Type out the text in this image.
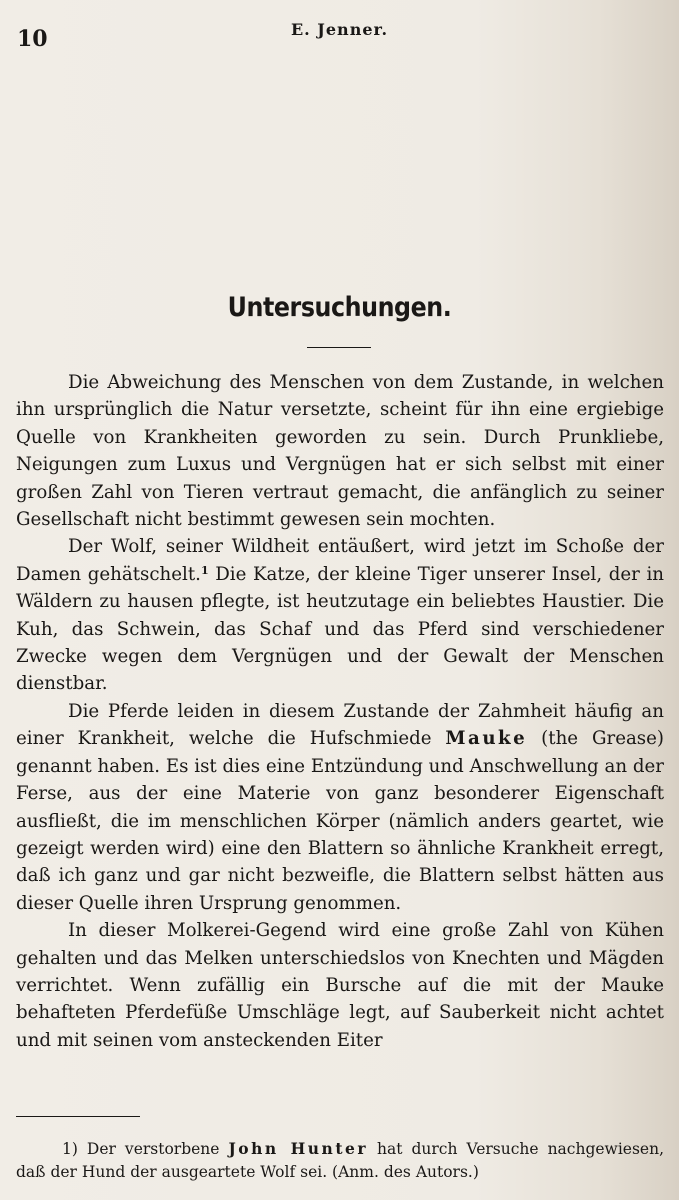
10	E. Jenner.
Untersuchungen.

Die Abweichung des Menschen von dem Zustande, in welchen ihn ursprünglich die Natur versetzte, scheint für ihn eine ergiebige Quelle von Krankheiten geworden zu sein. Durch Prunkliebe, Neigungen zum Luxus und Vergnügen hat er sich selbst mit einer großen Zahl von Tieren vertraut gemacht, die anfänglich zu seiner Gesellschaft nicht bestimmt gewesen sein mochten.

Der Wolf, seiner Wildheit entäußert, wird jetzt im Schoße der Damen gehätschelt.$^1$ Die Katze, der kleine Tiger unserer Insel, der in Wäldern zu hausen pflegte, ist heutzutage ein beliebtes Haustier. Die Kuh, das Schwein, das Schaf und das Pferd sind verschiedener Zwecke wegen dem Vergnügen und der Gewalt der Menschen dienstbar.

Die Pferde leiden in diesem Zustande der Zahmheit häufig an einer Krankheit, welche die Hufschmiede Mauke (the Grease) genannt haben. Es ist dies eine Entzündung und Anschwellung an der Ferse, aus der eine Materie von ganz besonderer Eigenschaft ausfließt, die im menschlichen Körper (nämlich anders geartet, wie gezeigt werden wird) eine den Blattern so ähnliche Krankheit erregt, daß ich ganz und gar nicht bezweifle, die Blattern selbst hätten aus dieser Quelle ihren Ursprung genommen.

In dieser Molkerei-Gegend wird eine große Zahl von Kühen gehalten und das Melken unterschiedslos von Knechten und Mägden verrichtet. Wenn zufällig ein Bursche auf die mit der Mauke behafteten Pferdefüße Umschläge legt, auf Sauberkeit nicht achtet und mit seinen vom ansteckenden Eiter

1) Der verstorbene John Hunter hat durch Versuche nachgewiesen, daß der Hund der ausgeartete Wolf sei. (Anm. des Autors.)
